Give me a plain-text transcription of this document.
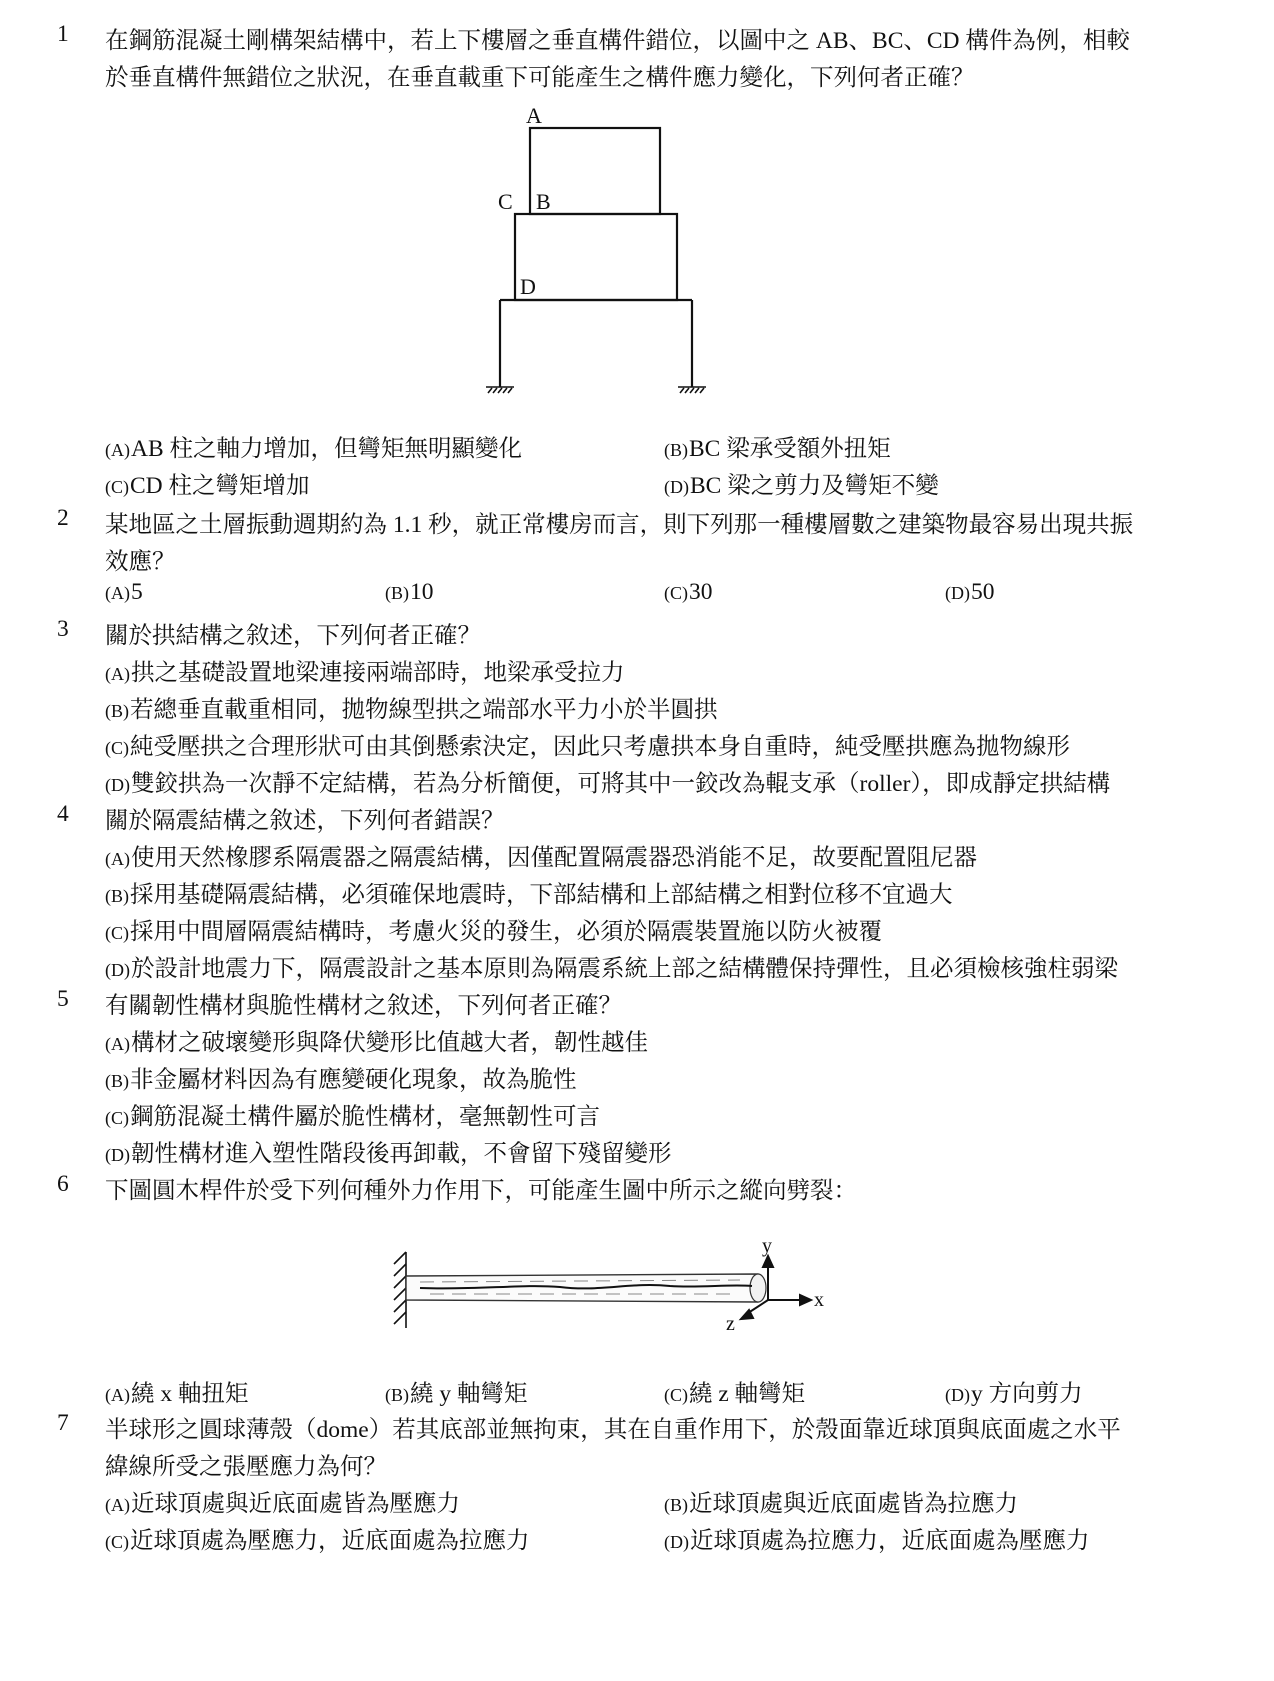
1 在鋼筋混凝土剛構架結構中，若上下樓層之垂直構件錯位，以圖中之 AB、BC、CD 構件為例，相較
於垂直構件無錯位之狀況，在垂直載重下可能產生之構件應力變化，下列何者正確？
A
C B
D
(A)AB 柱之軸力增加，但彎矩無明顯變化	(B)BC 梁承受額外扭矩
(C)CD 柱之彎矩增加	(D)BC 梁之剪力及彎矩不變
2 某地區之土層振動週期約為 1.1 秒，就正常樓房而言，則下列那一種樓層數之建築物最容易出現共振
效應？
(A)5	(B)10	(C)30	(D)50
3 關於拱結構之敘述，下列何者正確？
(A)拱之基礎設置地梁連接兩端部時，地梁承受拉力
(B)若總垂直載重相同，拋物線型拱之端部水平力小於半圓拱
(C)純受壓拱之合理形狀可由其倒懸索決定，因此只考慮拱本身自重時，純受壓拱應為拋物線形
(D)雙鉸拱為一次靜不定結構，若為分析簡便，可將其中一鉸改為輥支承（roller），即成靜定拱結構
4 關於隔震結構之敘述，下列何者錯誤？
(A)使用天然橡膠系隔震器之隔震結構，因僅配置隔震器恐消能不足，故要配置阻尼器
(B)採用基礎隔震結構，必須確保地震時，下部結構和上部結構之相對位移不宜過大
(C)採用中間層隔震結構時，考慮火災的發生，必須於隔震裝置施以防火被覆
(D)於設計地震力下，隔震設計之基本原則為隔震系統上部之結構體保持彈性，且必須檢核強柱弱梁
5 有關韌性構材與脆性構材之敘述，下列何者正確？
(A)構材之破壞變形與降伏變形比值越大者，韌性越佳
(B)非金屬材料因為有應變硬化現象，故為脆性
(C)鋼筋混凝土構件屬於脆性構材，毫無韌性可言
(D)韌性構材進入塑性階段後再卸載，不會留下殘留變形
6 下圖圓木桿件於受下列何種外力作用下，可能產生圖中所示之縱向劈裂：
y
x
z
(A)繞 x 軸扭矩	(B)繞 y 軸彎矩	(C)繞 z 軸彎矩	(D)y 方向剪力
7 半球形之圓球薄殼（dome）若其底部並無拘束，其在自重作用下，於殼面靠近球頂與底面處之水平
緯線所受之張壓應力為何？
(A)近球頂處與近底面處皆為壓應力	(B)近球頂處與近底面處皆為拉應力
(C)近球頂處為壓應力，近底面處為拉應力	(D)近球頂處為拉應力，近底面處為壓應力
